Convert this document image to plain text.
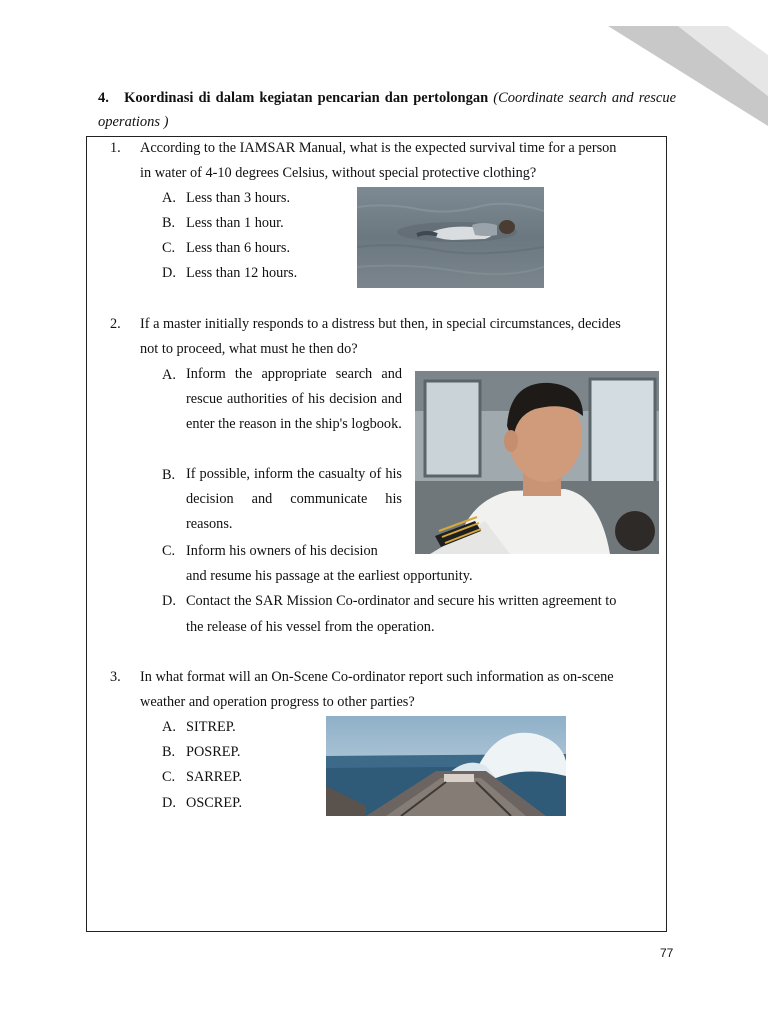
4. Koordinasi di dalam kegiatan pencarian dan pertolongan (Coordinate search and rescue operations )
1. According to the IAMSAR Manual, what is the expected survival time for a person
in water of 4-10 degrees Celsius, without special protective clothing?
A. Less than 3 hours.
B. Less than 1 hour.
C. Less than 6 hours.
D. Less than 12 hours.
2. If a master initially responds to a distress but then, in special circumstances, decides
not to proceed, what must he then do?
A. Inform the appropriate search and rescue authorities of his decision and enter the reason in the ship's logbook.
B. If possible, inform the casualty of his decision and communicate his reasons.
C. Inform his owners of his decision
and resume his passage at the earliest opportunity.
D. Contact the SAR Mission Co-ordinator and secure his written agreement to
the release of his vessel from the operation.
3. In what format will an On-Scene Co-ordinator report such information as on-scene
weather and operation progress to other parties?
A. SITREP.
B. POSREP.
C. SARREP.
D. OSCREP.
77
